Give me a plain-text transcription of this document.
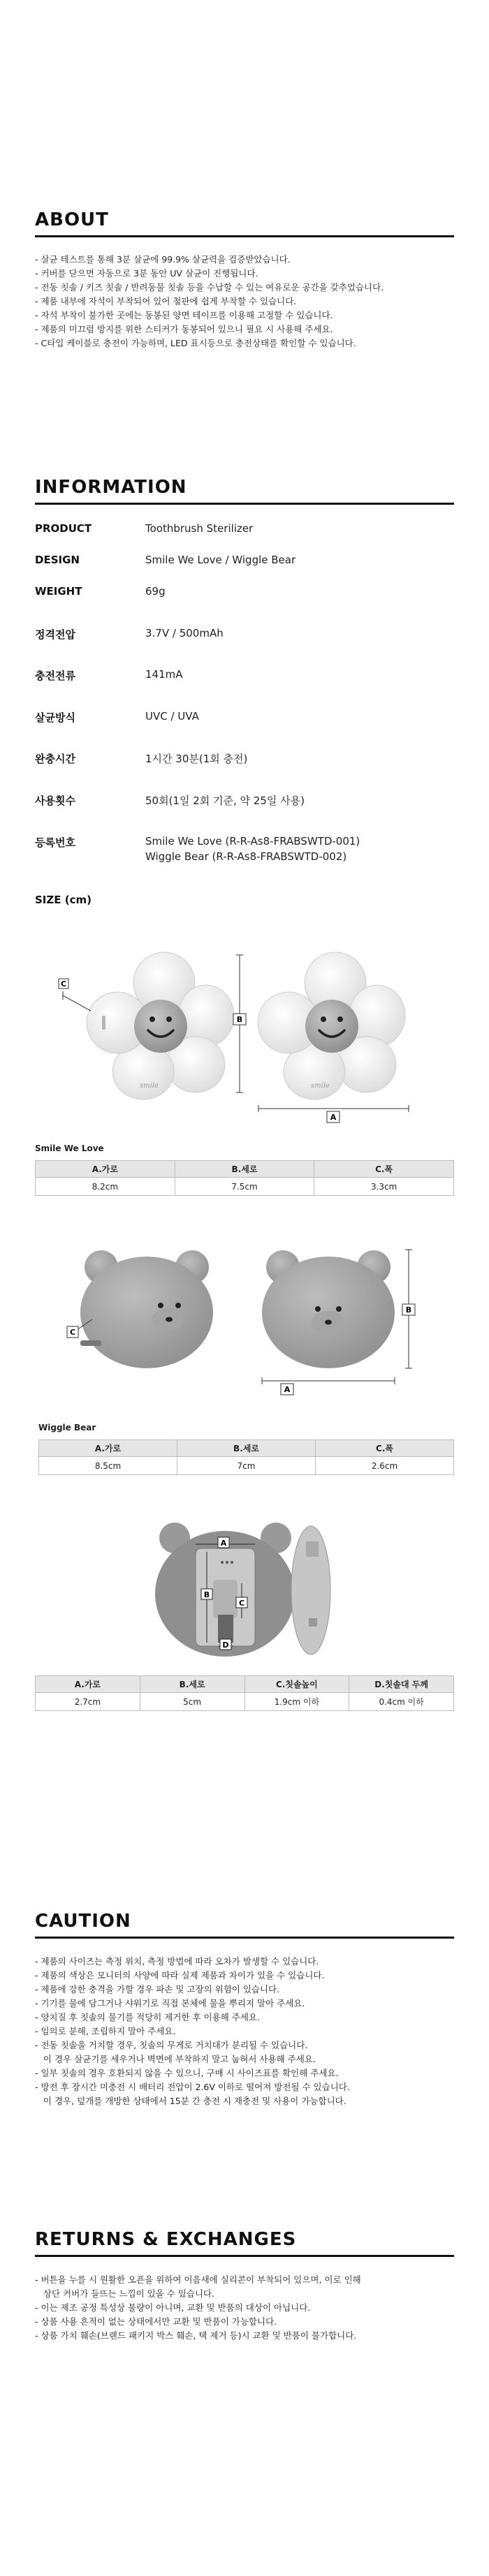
ABOUT
- 살균 테스트를 통해 3분 살균에 99.9% 살균력을 검증받았습니다.
- 커버를 닫으면 자동으로 3분 동안 UV 살균이 진행됩니다.
- 전동 칫솔 / 키즈 칫솔 / 반려동물 칫솔 등을 수납할 수 있는 여유로운 공간을 갖추었습니다.
- 제품 내부에 자석이 부착되어 있어 철판에 쉽게 부착할 수 있습니다.
- 자석 부착이 불가한 곳에는 동봉된 양면 테이프를 이용해 고정할 수 있습니다.
- 제품의 미끄럼 방지를 위한 스티커가 동봉되어 있으니 필요 시 사용해 주세요.
- C타입 케이블로 충전이 가능하며, LED 표시등으로 충전상태를 확인할 수 있습니다.
INFORMATION
PRODUCT	Toothbrush Sterilizer
DESIGN	Smile We Love / Wiggle Bear
WEIGHT	69g
정격전압	3.7V / 500mAh
충전전류	141mA
살균방식	UVC / UVA
완충시간	1시간 30분(1회 충전)
사용횟수	50회(1일 2회 기준, 약 25일 사용)
등록번호	Smile We Love (R-R-As8-FRABSWTD-001)
Wiggle Bear (R-R-As8-FRABSWTD-002)
SIZE (cm)
smile
C
B
smile
A
Smile We Love
A.가로	B.세로	C.폭
8.2cm	7.5cm	3.3cm
C
B
A
Wiggle Bear
A.가로	B.세로	C.폭
8.5cm	7cm	2.6cm
A
B
C
D
A.가로	B.세로	C.칫솔높이	D.칫솔대 두께
2.7cm	5cm	1.9cm 이하	0.4cm 이하
CAUTION
- 제품의 사이즈는 측정 위치, 측정 방법에 따라 오차가 발생할 수 있습니다.
- 제품의 색상은 모니터의 사양에 따라 실제 제품과 차이가 있을 수 있습니다.
- 제품에 강한 충격을 가할 경우 파손 및 고장의 위험이 있습니다.
- 기기를 물에 담그거나 샤워기로 직접 본체에 물을 뿌리지 말아 주세요.
- 양치질 후 칫솔의 물기를 적당히 제거한 후 이용해 주세요.
- 임의로 분해, 조립하지 말아 주세요.
- 전동 칫솔을 거치할 경우, 칫솔의 무게로 거치대가 분리될 수 있습니다.
이 경우 살균기를 세우거나 벽면에 부착하지 말고 눕혀서 사용해 주세요.
- 일부 칫솔의 경우 호환되지 않을 수 있으니, 구매 시 사이즈표를 확인해 주세요.
- 방전 후 장시간 미충전 시 배터리 전압이 2.6V 이하로 떨어져 방전될 수 있습니다.
이 경우, 덮개를 개방한 상태에서 15분 간 충전 시 재충전 및 사용이 가능합니다.
RETURNS & EXCHANGES
- 버튼을 누를 시 원활한 오픈을 위하여 이음새에 실리콘이 부착되어 있으며, 이로 인해
상단 커버가 들뜨는 느낌이 있을 수 있습니다.
- 이는 제조 공정 특성상 불량이 아니며, 교환 및 반품의 대상이 아닙니다.
- 상품 사용 흔적이 없는 상태에서만 교환 및 반품이 가능합니다.
- 상품 가치 훼손(브랜드 패키지 박스 훼손, 택 제거 등)시 교환 및 반품이 불가합니다.
